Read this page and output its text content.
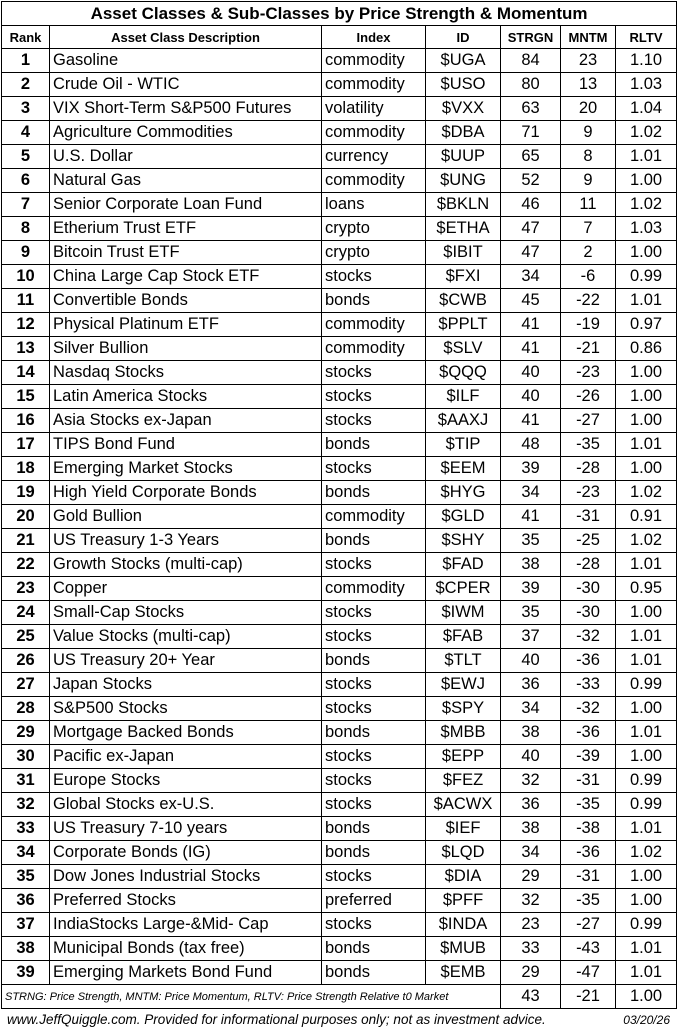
Asset Classes & Sub-Classes by Price Strength & Momentum						
Rank	Asset Class Description	Index	ID	STRGN	MNTM	RLTV
1	Gasoline	commodity	$UGA	84	23	1.10
2	Crude Oil - WTIC	commodity	$USO	80	13	1.03
3	VIX Short-Term S&P500 Futures	volatility	$VXX	63	20	1.04
4	Agriculture Commodities	commodity	$DBA	71	9	1.02
5	U.S. Dollar	currency	$UUP	65	8	1.01
6	Natural Gas	commodity	$UNG	52	9	1.00
7	Senior Corporate Loan Fund	loans	$BKLN	46	11	1.02
8	Etherium Trust ETF	crypto	$ETHA	47	7	1.03
9	Bitcoin Trust ETF	crypto	$IBIT	47	2	1.00
10	China Large Cap Stock ETF	stocks	$FXI	34	-6	0.99
11	Convertible Bonds	bonds	$CWB	45	-22	1.01
12	Physical Platinum ETF	commodity	$PPLT	41	-19	0.97
13	Silver Bullion	commodity	$SLV	41	-21	0.86
14	Nasdaq Stocks	stocks	$QQQ	40	-23	1.00
15	Latin America Stocks	stocks	$ILF	40	-26	1.00
16	Asia Stocks ex-Japan	stocks	$AAXJ	41	-27	1.00
17	TIPS Bond Fund	bonds	$TIP	48	-35	1.01
18	Emerging Market Stocks	stocks	$EEM	39	-28	1.00
19	High Yield Corporate Bonds	bonds	$HYG	34	-23	1.02
20	Gold Bullion	commodity	$GLD	41	-31	0.91
21	US Treasury 1-3 Years	bonds	$SHY	35	-25	1.02
22	Growth Stocks (multi-cap)	stocks	$FAD	38	-28	1.01
23	Copper	commodity	$CPER	39	-30	0.95
24	Small-Cap Stocks	stocks	$IWM	35	-30	1.00
25	Value Stocks (multi-cap)	stocks	$FAB	37	-32	1.01
26	US Treasury 20+ Year	bonds	$TLT	40	-36	1.01
27	Japan Stocks	stocks	$EWJ	36	-33	0.99
28	S&P500 Stocks	stocks	$SPY	34	-32	1.00
29	Mortgage Backed Bonds	bonds	$MBB	38	-36	1.01
30	Pacific ex-Japan	stocks	$EPP	40	-39	1.00
31	Europe Stocks	stocks	$FEZ	32	-31	0.99
32	Global Stocks ex-U.S.	stocks	$ACWX	36	-35	0.99
33	US Treasury 7-10 years	bonds	$IEF	38	-38	1.01
34	Corporate Bonds (IG)	bonds	$LQD	34	-36	1.02
35	Dow Jones Industrial Stocks	stocks	$DIA	29	-31	1.00
36	Preferred Stocks	preferred	$PFF	32	-35	1.00
37	IndiaStocks Large-&Mid- Cap	stocks	$INDA	23	-27	0.99
38	Municipal Bonds (tax free)	bonds	$MUB	33	-43	1.01
39	Emerging Markets Bond Fund	bonds	$EMB	29	-47	1.01
STRNG: Price Strength, MNTM: Price Momentum, RLTV: Price Strength Relative t0 Market				43	-21	1.00
www.JeffQuiggle.com. Provided for informational purposes only; not as investment advice.	03/20/26
